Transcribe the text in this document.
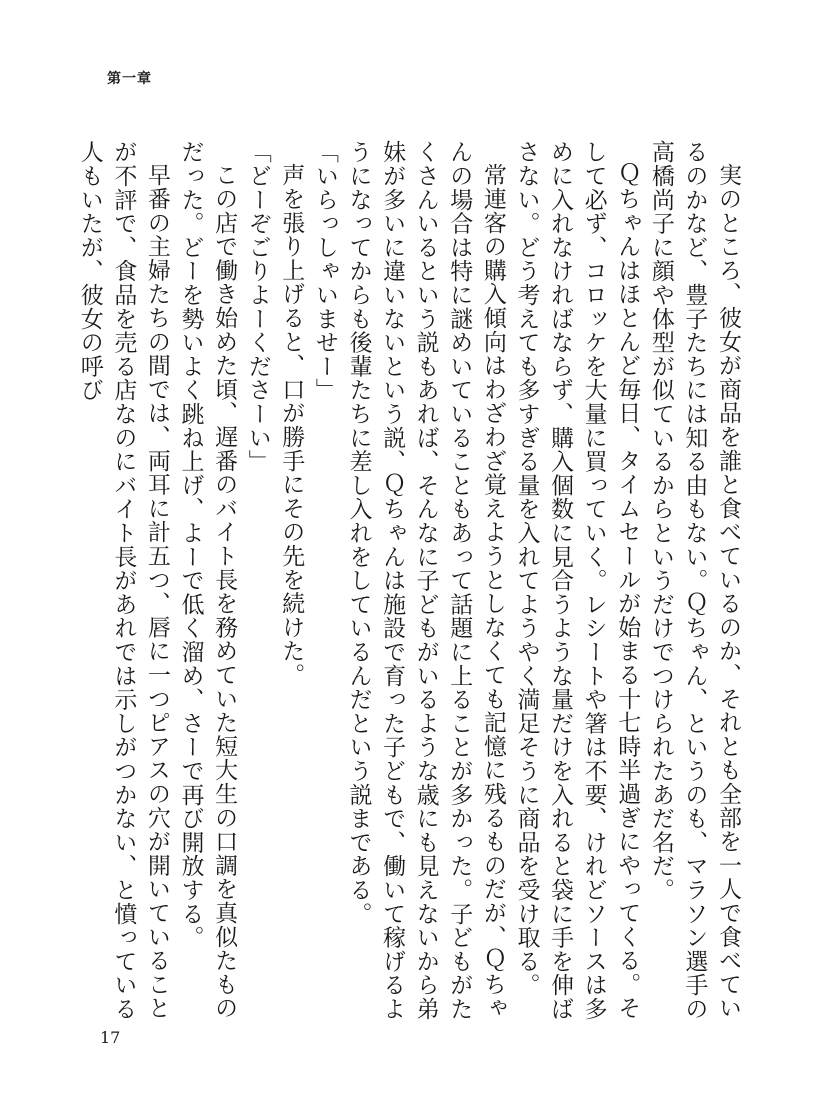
第一章

実のところ、彼女が商品を誰と食べているのか、それとも全部を一人で食べているのかなど、豊子たちには知る由もない。Ｑちゃん、というのも、マラソン選手の高橋尚子に顔や体型が似ているからというだけでつけられたあだ名だ。

Ｑちゃんはほとんど毎日、タイムセールが始まる十七時半過ぎにやってくる。そして必ず、コロッケを大量に買っていく。レシートや箸は不要、けれどソースは多めに入れなければならず、購入個数に見合うような量だけを入れると袋に手を伸ばさない。どう考えても多すぎる量を入れてようやく満足そうに商品を受け取る。

常連客の購入傾向はわざわざ覚えようとしなくても記憶に残るものだが、Ｑちゃんの場合は特に謎めいていることもあって話題に上ることが多かった。子どもがたくさんいるという説もあれば、そんなに子どもがいるような歳にも見えないから弟妹が多いに違いないという説、Ｑちゃんは施設で育った子どもで、働いて稼げるようになってからも後輩たちに差し入れをしているんだという説まである。

「いらっしゃいませー」

声を張り上げると、口が勝手にその先を続けた。

「どーぞごりよーくださーい」

この店で働き始めた頃、遅番のバイト長を務めていた短大生の口調を真似たものだった。どーを勢いよく跳ね上げ、よーで低く溜め、さーで再び開放する。

早番の主婦たちの間では、両耳に計五つ、唇に一つピアスの穴が開いていることが不評で、食品を売る店なのにバイト長があれでは示しがつかない、と憤っている人もいたが、彼女の呼び

17
